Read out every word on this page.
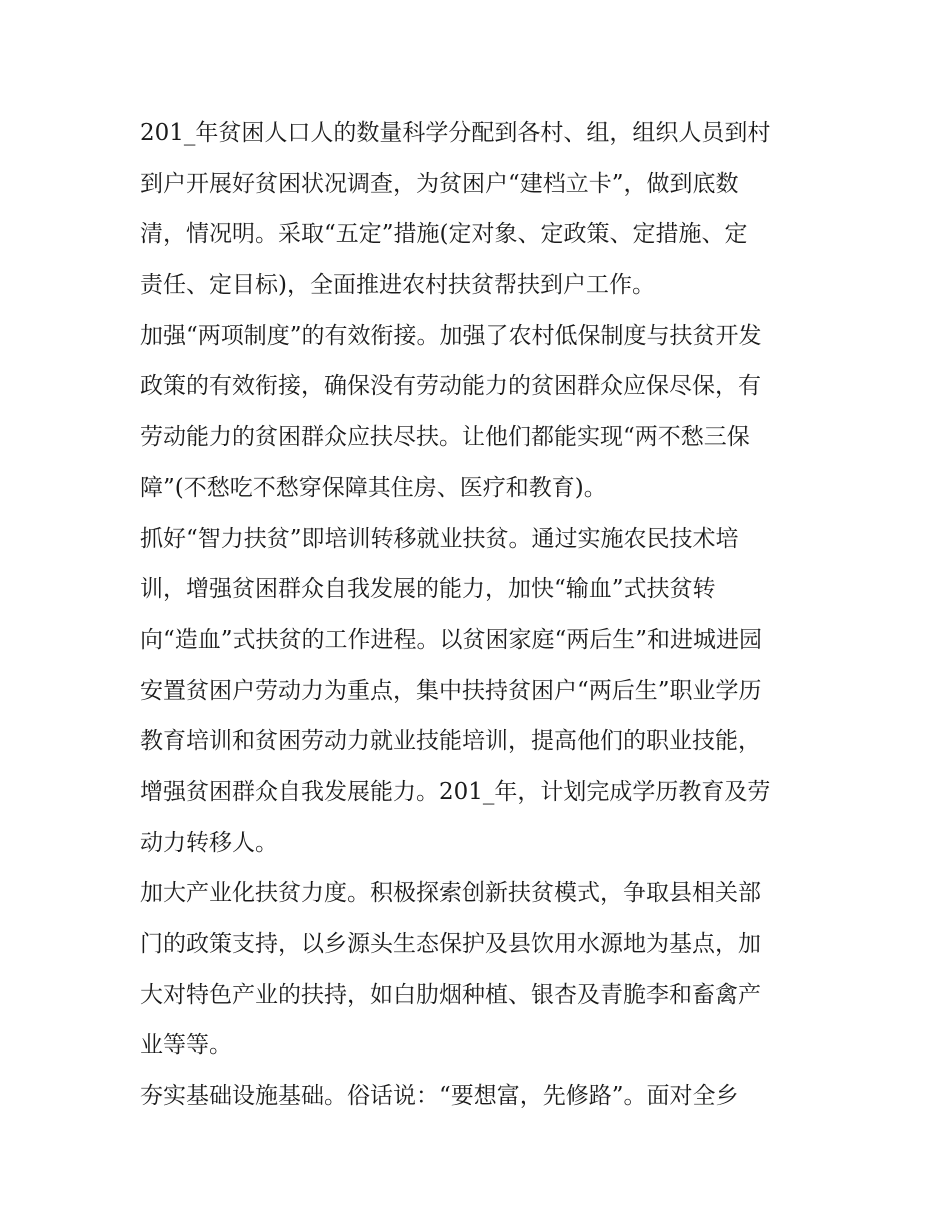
201_年贫困人口人的数量科学分配到各村、组，组织人员到村
到户开展好贫困状况调查，为贫困户“建档立卡”，做到底数
清，情况明。采取“五定”措施(定对象、定政策、定措施、定
责任、定目标)，全面推进农村扶贫帮扶到户工作。
加强“两项制度”的有效衔接。加强了农村低保制度与扶贫开发
政策的有效衔接，确保没有劳动能力的贫困群众应保尽保，有
劳动能力的贫困群众应扶尽扶。让他们都能实现“两不愁三保
障”(不愁吃不愁穿保障其住房、医疗和教育)。
抓好“智力扶贫”即培训转移就业扶贫。通过实施农民技术培
训，增强贫困群众自我发展的能力，加快“输血”式扶贫转
向“造血”式扶贫的工作进程。以贫困家庭“两后生”和进城进园
安置贫困户劳动力为重点，集中扶持贫困户“两后生”职业学历
教育培训和贫困劳动力就业技能培训，提高他们的职业技能，
增强贫困群众自我发展能力。201_年，计划完成学历教育及劳
动力转移人。
加大产业化扶贫力度。积极探索创新扶贫模式，争取县相关部
门的政策支持，以乡源头生态保护及县饮用水源地为基点，加
大对特色产业的扶持，如白肋烟种植、银杏及青脆李和畜禽产
业等等。
夯实基础设施基础。俗话说：“要想富，先修路”。面对全乡
